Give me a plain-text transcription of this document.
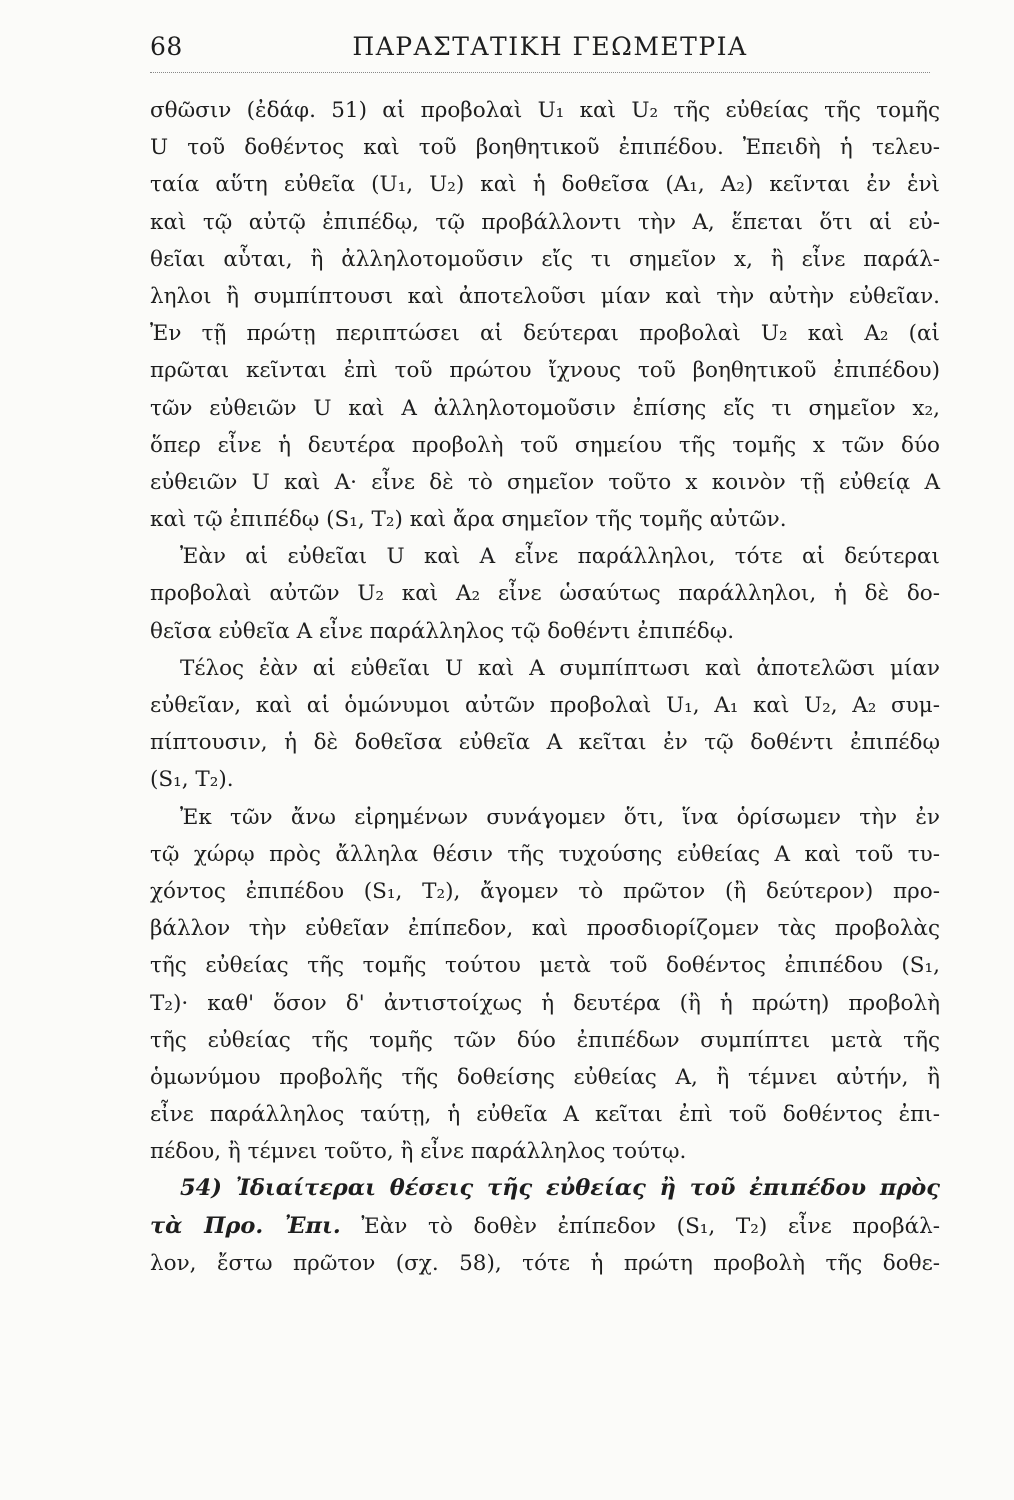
68	ΠΑΡΑΣΤΑΤΙΚΗ ΓΕΩΜΕΤΡΙΑ
σθῶσιν (ἐδάφ. 51) αἱ προβολαὶ U₁ καὶ U₂ τῆς εὐθείας τῆς τομῆς
U τοῦ δοθέντος καὶ τοῦ βοηθητικοῦ ἐπιπέδου. Ἐπειδὴ ἡ τελευ-
ταία αὕτη εὐθεῖα (U₁, U₂) καὶ ἡ δοθεῖσα (A₁, A₂) κεῖνται ἐν ἑνὶ
καὶ τῷ αὐτῷ ἐπιπέδῳ, τῷ προβάλλοντι τὴν A, ἕπεται ὅτι αἱ εὐ-
θεῖαι αὗται, ἢ ἀλληλοτομοῦσιν εἴς τι σημεῖον x, ἢ εἶνε παράλ-
ληλοι ἢ συμπίπτουσι καὶ ἀποτελοῦσι μίαν καὶ τὴν αὐτὴν εὐθεῖαν.
Ἐν τῇ πρώτῃ περιπτώσει αἱ δεύτεραι προβολαὶ U₂ καὶ A₂ (αἱ
πρῶται κεῖνται ἐπὶ τοῦ πρώτου ἴχνους τοῦ βοηθητικοῦ ἐπιπέδου)
τῶν εὐθειῶν U καὶ A ἀλληλοτομοῦσιν ἐπίσης εἴς τι σημεῖον x₂,
ὅπερ εἶνε ἡ δευτέρα προβολὴ τοῦ σημείου τῆς τομῆς x τῶν δύο
εὐθειῶν U καὶ A· εἶνε δὲ τὸ σημεῖον τοῦτο x κοινὸν τῇ εὐθείᾳ A
καὶ τῷ ἐπιπέδῳ (S₁, T₂) καὶ ἄρα σημεῖον τῆς τομῆς αὐτῶν.
Ἐὰν αἱ εὐθεῖαι U καὶ A εἶνε παράλληλοι, τότε αἱ δεύτεραι
προβολαὶ αὐτῶν U₂ καὶ A₂ εἶνε ὡσαύτως παράλληλοι, ἡ δὲ δο-
θεῖσα εὐθεῖα A εἶνε παράλληλος τῷ δοθέντι ἐπιπέδῳ.
Τέλος ἐὰν αἱ εὐθεῖαι U καὶ A συμπίπτωσι καὶ ἀποτελῶσι μίαν
εὐθεῖαν, καὶ αἱ ὁμώνυμοι αὐτῶν προβολαὶ U₁, A₁ καὶ U₂, A₂ συμ-
πίπτουσιν, ἡ δὲ δοθεῖσα εὐθεῖα A κεῖται ἐν τῷ δοθέντι ἐπιπέδῳ
(S₁, T₂).
Ἐκ τῶν ἄνω εἰρημένων συνάγομεν ὅτι, ἵνα ὁρίσωμεν τὴν ἐν
τῷ χώρῳ πρὸς ἄλληλα θέσιν τῆς τυχούσης εὐθείας A καὶ τοῦ τυ-
χόντος ἐπιπέδου (S₁, T₂), ἄγομεν τὸ πρῶτον (ἢ δεύτερον) προ-
βάλλον τὴν εὐθεῖαν ἐπίπεδον, καὶ προσδιορίζομεν τὰς προβολὰς
τῆς εὐθείας τῆς τομῆς τούτου μετὰ τοῦ δοθέντος ἐπιπέδου (S₁,
T₂)· καθ' ὅσον δ' ἀντιστοίχως ἡ δευτέρα (ἢ ἡ πρώτη) προβολὴ
τῆς εὐθείας τῆς τομῆς τῶν δύο ἐπιπέδων συμπίπτει μετὰ τῆς
ὁμωνύμου προβολῆς τῆς δοθείσης εὐθείας A, ἢ τέμνει αὐτήν, ἢ
εἶνε παράλληλος ταύτῃ, ἡ εὐθεῖα A κεῖται ἐπὶ τοῦ δοθέντος ἐπι-
πέδου, ἢ τέμνει τοῦτο, ἢ εἶνε παράλληλος τούτῳ.
54) Ἰδιαίτεραι θέσεις τῆς εὐθείας ἢ τοῦ ἐπιπέδου πρὸς
τὰ Προ. Ἐπι. Ἐὰν τὸ δοθὲν ἐπίπεδον (S₁, T₂) εἶνε προβάλ-
λον, ἔστω πρῶτον (σχ. 58), τότε ἡ πρώτη προβολὴ τῆς δοθε-
